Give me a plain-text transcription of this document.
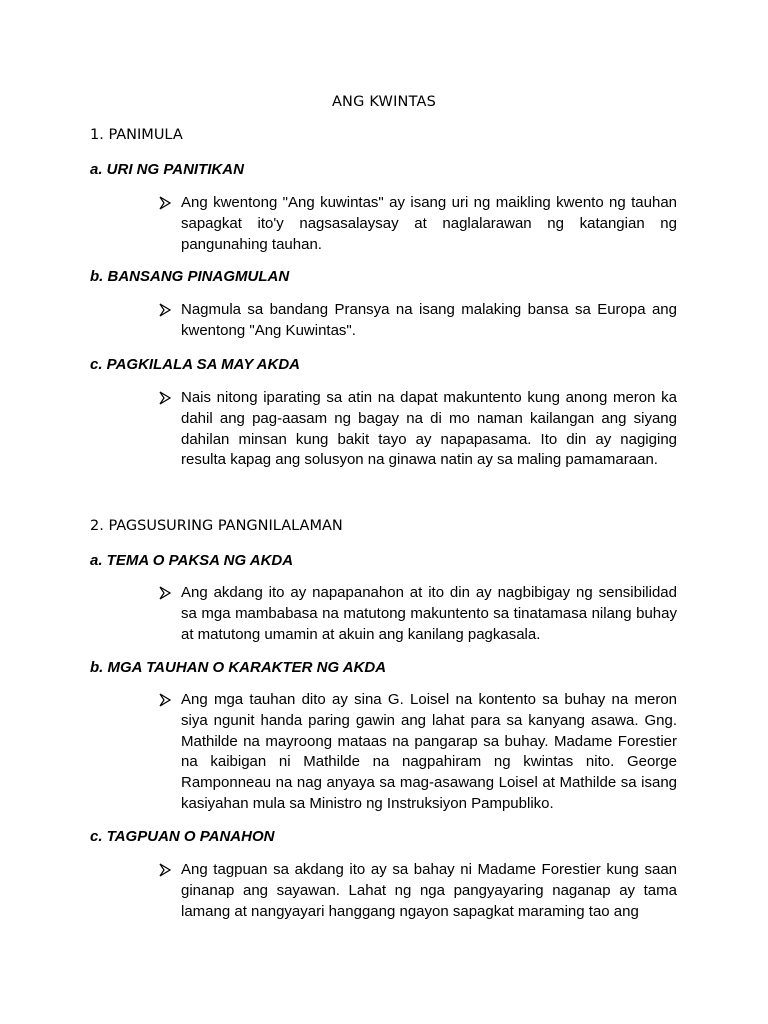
ANG KWINTAS
1. PANIMULA
a. URI NG PANITIKAN

Ang kwentong "Ang kuwintas" ay isang uri ng maikling kwento ng tauhan sapagkat ito'y nagsasalaysay at naglalarawan ng katangian ng pangunahing tauhan.

b. BANSANG PINAGMULAN

Nagmula sa bandang Pransya na isang malaking bansa sa Europa ang kwentong "Ang Kuwintas".

c. PAGKILALA SA MAY AKDA

Nais nitong iparating sa atin na dapat makuntento kung anong meron ka dahil ang pag-aasam ng bagay na di mo naman kailangan ang siyang dahilan minsan kung bakit tayo ay napapasama. Ito din ay nagiging resulta kapag ang solusyon na ginawa natin ay sa maling pamamaraan.

2. PAGSUSURING PANGNILALAMAN
a. TEMA O PAKSA NG AKDA

Ang akdang ito ay napapanahon at ito din ay nagbibigay ng sensibilidad sa mga mambabasa na matutong makuntento sa tinatamasa nilang buhay at matutong umamin at akuin ang kanilang pagkasala.

b. MGA TAUHAN O KARAKTER NG AKDA

Ang mga tauhan dito ay sina G. Loisel na kontento sa buhay na meron siya ngunit handa paring gawin ang lahat para sa kanyang asawa. Gng. Mathilde na mayroong mataas na pangarap sa buhay. Madame Forestier na kaibigan ni Mathilde na nagpahiram ng kwintas nito. George Ramponneau na nag anyaya sa mag-asawang Loisel at Mathilde sa isang kasiyahan mula sa Ministro ng Instruksiyon Pampubliko.

c. TAGPUAN O PANAHON

Ang tagpuan sa akdang ito ay sa bahay ni Madame Forestier kung saan ginanap ang sayawan. Lahat ng nga pangyayaring naganap ay tama lamang at nangyayari hanggang ngayon sapagkat maraming tao ang
